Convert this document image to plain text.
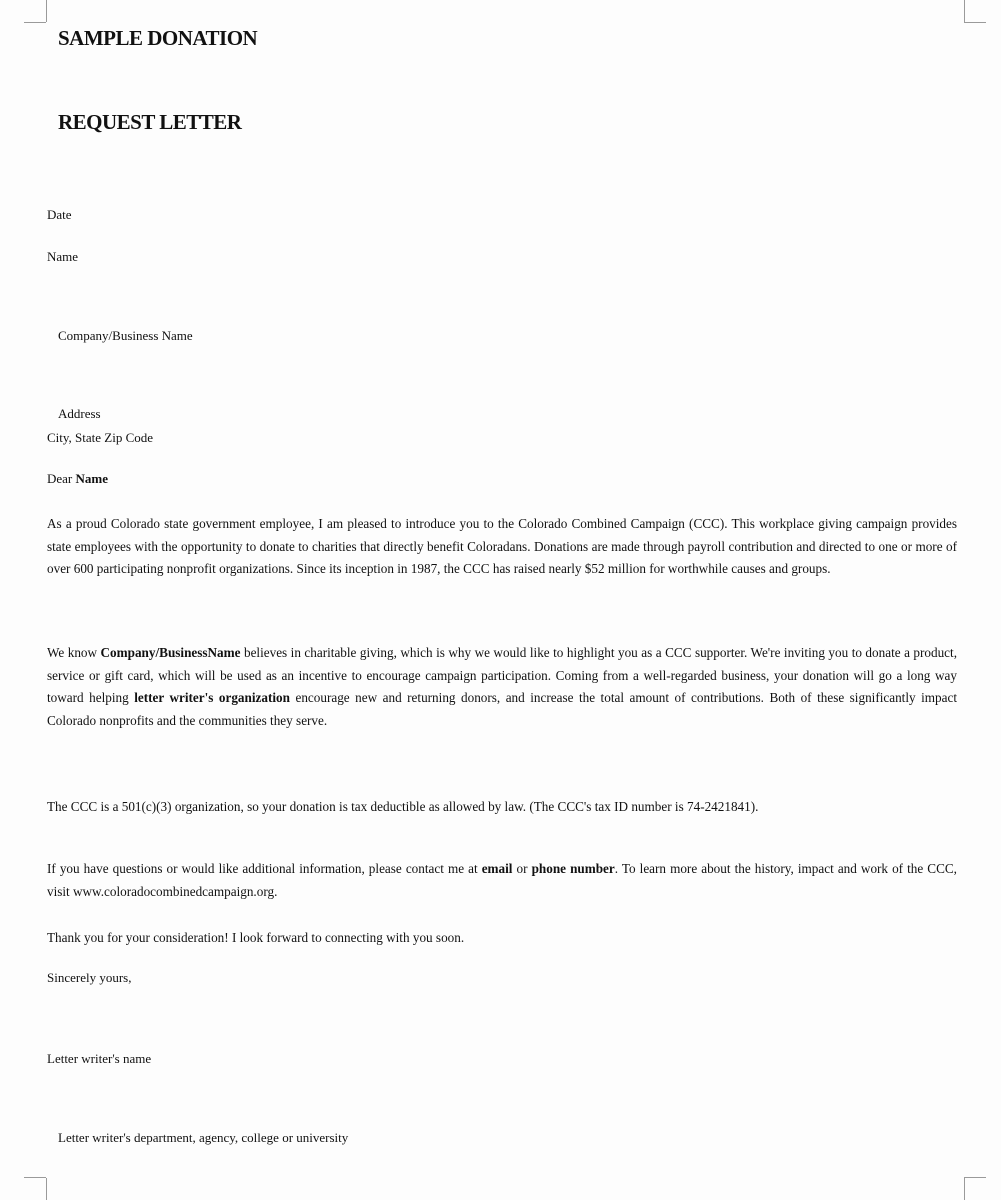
SAMPLE DONATION
REQUEST LETTER

Date

Name

Company/Business Name

Address

City, State Zip Code

Dear Name

As a proud Colorado state government employee, I am pleased to introduce you to the Colorado Combined Campaign (CCC). This workplace giving campaign provides state employees with the opportunity to donate to charities that directly benefit Coloradans. Donations are made through payroll contribution and directed to one or more of over 600 participating nonprofit organizations. Since its inception in 1987, the CCC has raised nearly $52 million for worthwhile causes and groups.

We know Company/BusinessName believes in charitable giving, which is why we would like to highlight you as a CCC supporter. We're inviting you to donate a product, service or gift card, which will be used as an incentive to encourage campaign participation. Coming from a well-regarded business, your donation will go a long way toward helping letter writer's organization encourage new and returning donors, and increase the total amount of contributions. Both of these significantly impact Colorado nonprofits and the communities they serve.

The CCC is a 501(c)(3) organization, so your donation is tax deductible as allowed by law. (The CCC's tax ID number is 74-2421841).

If you have questions or would like additional information, please contact me at email or phone number. To learn more about the history, impact and work of the CCC, visit www.coloradocombinedcampaign.org.

Thank you for your consideration! I look forward to connecting with you soon.

Sincerely yours,

Letter writer's name

Letter writer's department, agency, college or university
